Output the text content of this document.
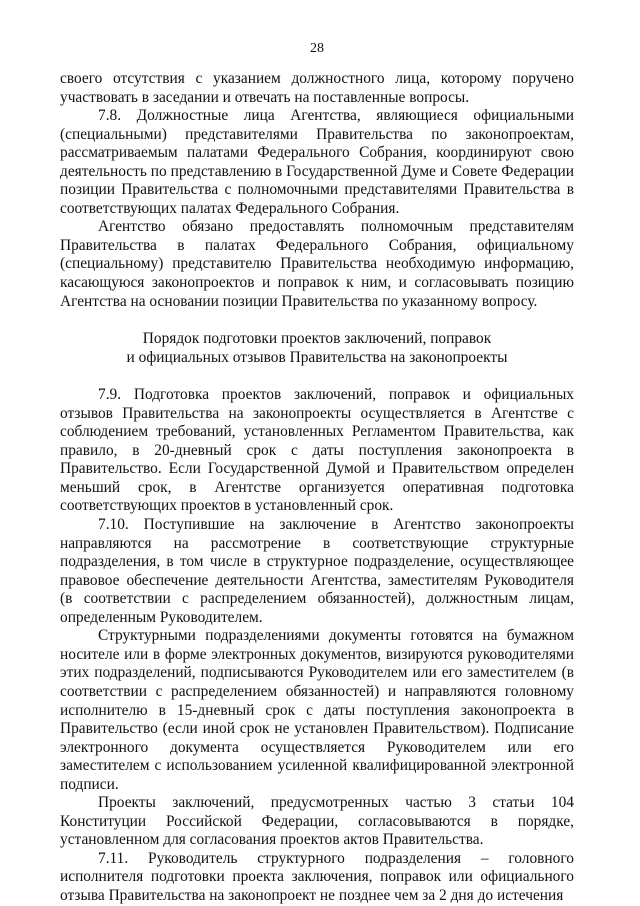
28

своего отсутствия с указанием должностного лица, которому поручено участвовать в заседании и отвечать на поставленные вопросы.

7.8. Должностные лица Агентства, являющиеся официальными (специальными) представителями Правительства по законопроектам, рассматриваемым палатами Федерального Собрания, координируют свою деятельность по представлению в Государственной Думе и Совете Федерации позиции Правительства с полномочными представителями Правительства в соответствующих палатах Федерального Собрания.

Агентство обязано предоставлять полномочным представителям Правительства в палатах Федерального Собрания, официальному (специальному) представителю Правительства необходимую информацию, касающуюся законопроектов и поправок к ним, и согласовывать позицию Агентства на основании позиции Правительства по указанному вопросу.

Порядок подготовки проектов заключений, поправок
и официальных отзывов Правительства на законопроекты

7.9. Подготовка проектов заключений, поправок и официальных отзывов Правительства на законопроекты осуществляется в Агентстве с соблюдением требований, установленных Регламентом Правительства, как правило, в 20-дневный срок с даты поступления законопроекта в Правительство. Если Государственной Думой и Правительством определен меньший срок, в Агентстве организуется оперативная подготовка соответствующих проектов в установленный срок.

7.10. Поступившие на заключение в Агентство законопроекты направляются на рассмотрение в соответствующие структурные подразделения, в том числе в структурное подразделение, осуществляющее правовое обеспечение деятельности Агентства, заместителям Руководителя (в соответствии с распределением обязанностей), должностным лицам, определенным Руководителем.

Структурными подразделениями документы готовятся на бумажном носителе или в форме электронных документов, визируются руководителями этих подразделений, подписываются Руководителем или его заместителем (в соответствии с распределением обязанностей) и направляются головному исполнителю в 15-дневный срок с даты поступления законопроекта в Правительство (если иной срок не установлен Правительством). Подписание электронного документа осуществляется Руководителем или его заместителем с использованием усиленной квалифицированной электронной подписи.

Проекты заключений, предусмотренных частью 3 статьи 104 Конституции Российской Федерации, согласовываются в порядке, установленном для согласования проектов актов Правительства.

7.11. Руководитель структурного подразделения – головного исполнителя подготовки проекта заключения, поправок или официального отзыва Правительства на законопроект не позднее чем за 2 дня до истечения
